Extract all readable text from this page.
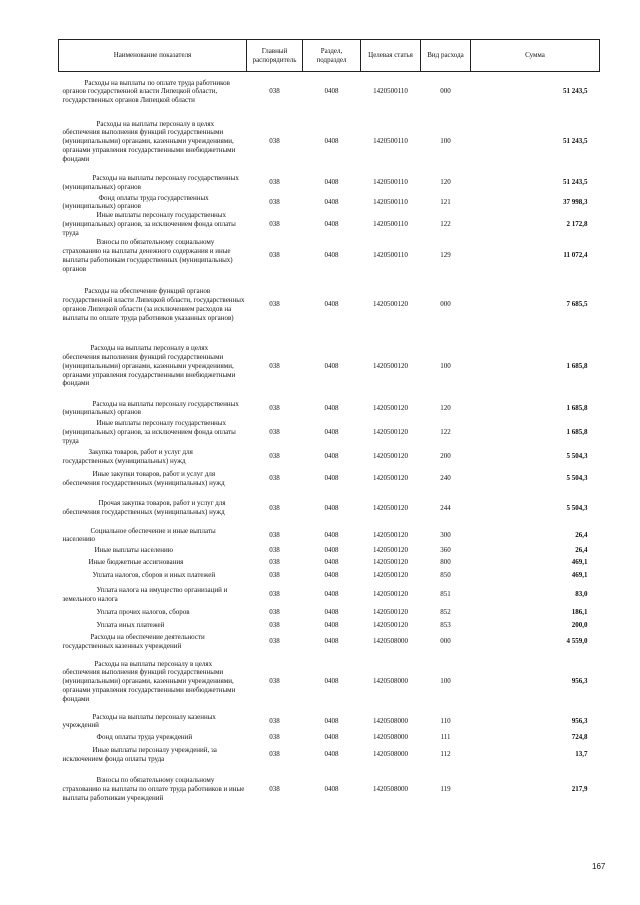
Наименование показателя	Главный распорядитель	Раздел, подраздел	Целевая статья	Вид расхода	Сумма

Расходы на выплаты по оплате труда работников органов государственной власти Липецкой области, государственных органов Липецкой области	038	0408	1420500110	000	51 243,5

Расходы на выплаты персоналу в целях обеспечения выполнения функций государственными (муниципальными) органами, казенными учреждениями, органами управления государственными внебюджетными фондами	038	0408	1420500110	100	51 243,5

Расходы на выплаты персоналу государственных (муниципальных) органов	038	0408	1420500110	120	51 243,5

Фонд оплаты труда государственных (муниципальных) органов	038	0408	1420500110	121	37 998,3

Иные выплаты персоналу государственных (муниципальных) органов, за исключением фонда оплаты труда	038	0408	1420500110	122	2 172,8

Взносы по обязательному социальному страхованию на выплаты денежного содержания и иные выплаты работникам государственных (муниципальных) органов	038	0408	1420500110	129	11 072,4

Расходы на обеспечение функций органов государственной власти Липецкой области, государственных органов Липецкой области (за исключением расходов на выплаты по оплате труда работников указанных органов)	038	0408	1420500120	000	7 685,5

Расходы на выплаты персоналу в целях обеспечения выполнения функций государственными (муниципальными) органами, казенными учреждениями, органами управления государственными внебюджетными фондами	038	0408	1420500120	100	1 685,8

Расходы на выплаты персоналу государственных (муниципальных) органов	038	0408	1420500120	120	1 685,8

Иные выплаты персоналу государственных (муниципальных) органов, за исключением фонда оплаты труда	038	0408	1420500120	122	1 685,8

Закупка товаров, работ и услуг для государственных (муниципальных) нужд	038	0408	1420500120	200	5 504,3

Иные закупки товаров, работ и услуг для обеспечения государственных (муниципальных) нужд	038	0408	1420500120	240	5 504,3

Прочая закупка товаров, работ и услуг для обеспечения государственных (муниципальных) нужд	038	0408	1420500120	244	5 504,3

Социальное обеспечение и иные выплаты населению	038	0408	1420500120	300	26,4

Иные выплаты населению	038	0408	1420500120	360	26,4

Иные бюджетные ассигнования	038	0408	1420500120	800	469,1

Уплата налогов, сборов и иных платежей	038	0408	1420500120	850	469,1

Уплата налога на имущество организаций и земельного налога	038	0408	1420500120	851	83,0

Уплата прочих налогов, сборов	038	0408	1420500120	852	186,1

Уплата иных платежей	038	0408	1420500120	853	200,0

Расходы на обеспечение деятельности государственных казенных учреждений	038	0408	1420508000	000	4 559,0

Расходы на выплаты персоналу в целях обеспечения выполнения функций государственными (муниципальными) органами, казенными учреждениями, органами управления государственными внебюджетными фондами	038	0408	1420508000	100	956,3

Расходы на выплаты персоналу казенных учреждений	038	0408	1420508000	110	956,3

Фонд оплаты труда учреждений	038	0408	1420508000	111	724,8

Иные выплаты персоналу учреждений, за исключением фонда оплаты труда	038	0408	1420508000	112	13,7

Взносы по обязательному социальному страхованию на выплаты по оплате труда работников и иные выплаты работникам учреждений	038	0408	1420508000	119	217,9
167
